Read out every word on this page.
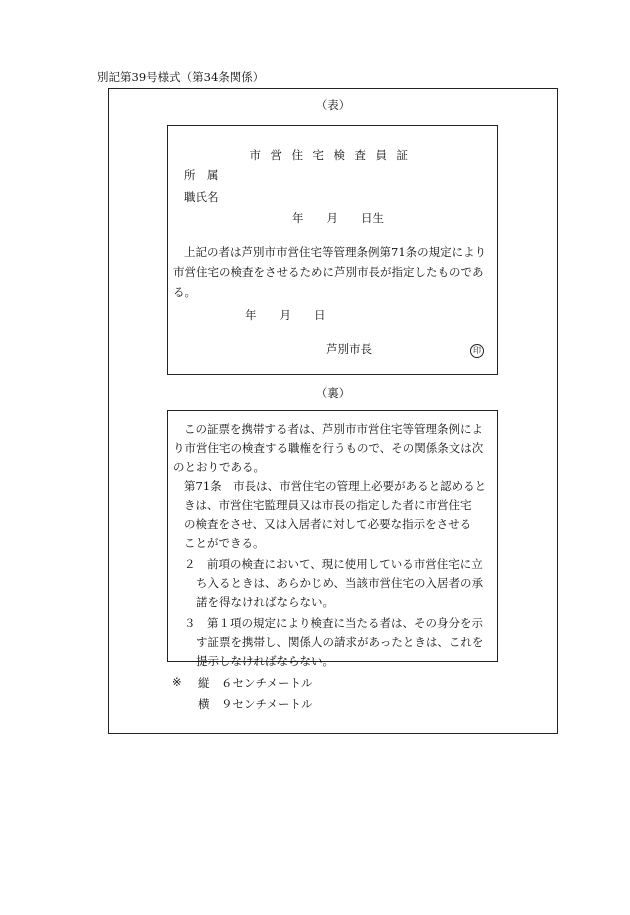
別記第39号様式（第34条関係）
（表）
市営住宅検査員証
所　属
職氏名
年　　月　　日生
上記の者は芦別市市営住宅等管理条例第71条の規定により
市営住宅の検査をさせるために芦別市長が指定したものであ
る。
年　　月　　日
芦別市長	印
（裏）
この証票を携帯する者は、芦別市市営住宅等管理条例によ
り市営住宅の検査する職権を行うもので、その関係条文は次
のとおりである。
第71条　市長は、市営住宅の管理上必要があると認めると
きは、市営住宅監理員又は市長の指定した者に市営住宅
の検査をさせ、又は入居者に対して必要な指示をさせる
ことができる。
２　前項の検査において、現に使用している市営住宅に立
ち入るときは、あらかじめ、当該市営住宅の入居者の承
諾を得なければならない。
３　第１項の規定により検査に当たる者は、その身分を示
す証票を携帯し、関係人の請求があったときは、これを
提示しなければならない。
※ 縦　６センチメートル
横　９センチメートル
